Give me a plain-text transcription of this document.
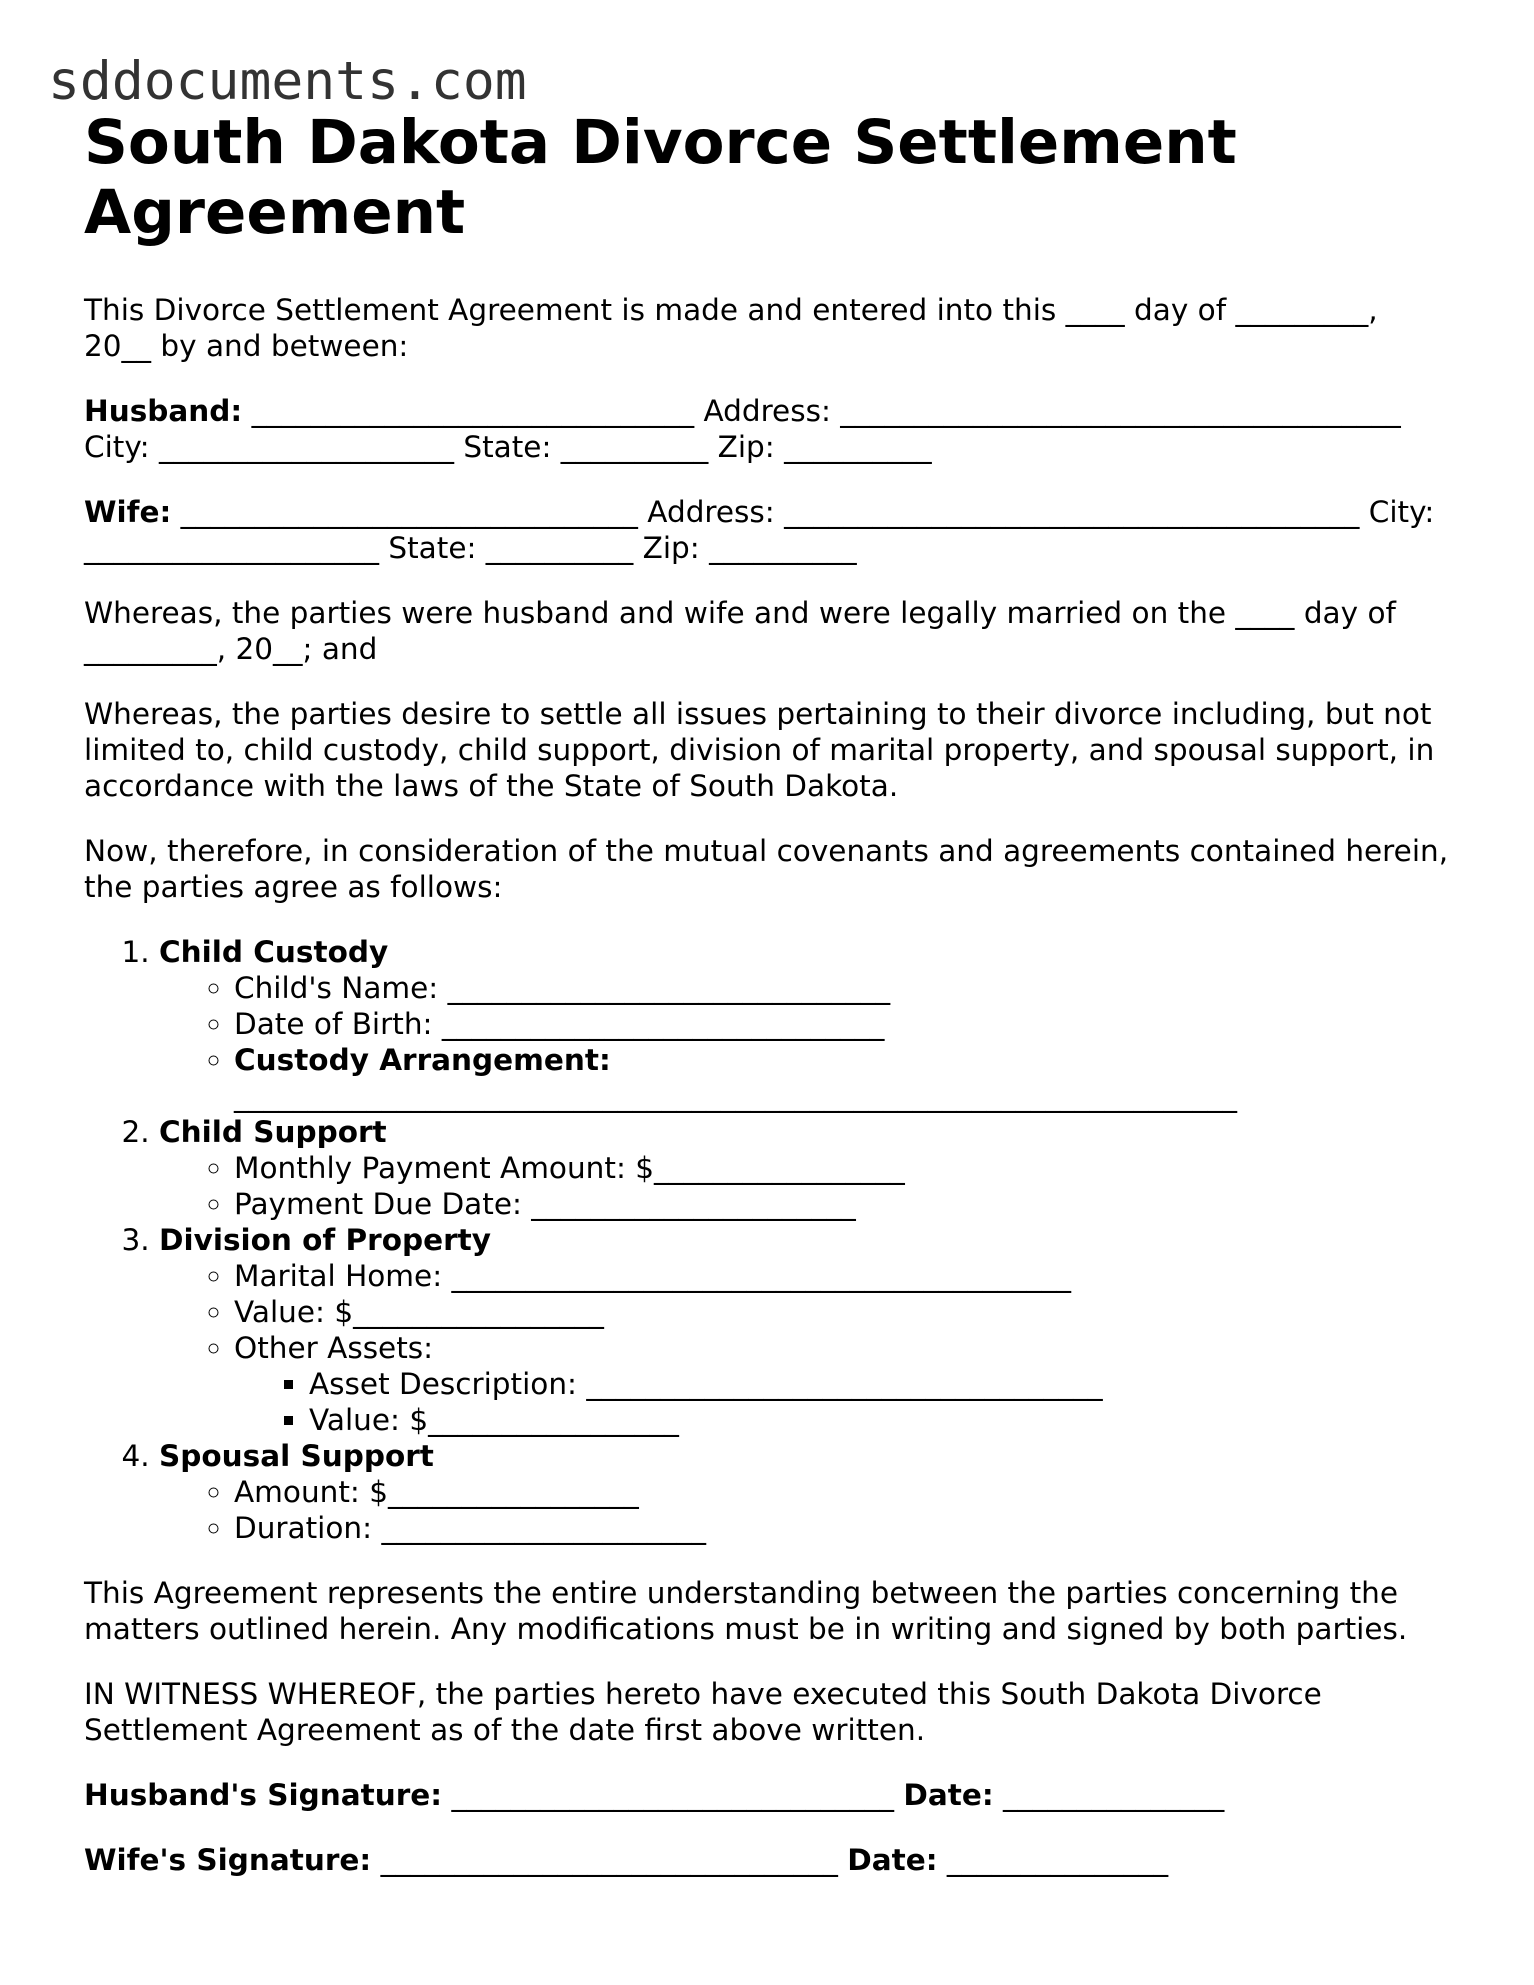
sddocuments.com
South Dakota Divorce Settlement Agreement

This Divorce Settlement Agreement is made and entered into this ____ day of _________, 20__ by and between:

Husband: ______________________________ Address: ______________________________________ City: ____________________ State: __________ Zip: __________

Wife: _______________________________ Address: _______________________________________ City: ____________________ State: __________ Zip: __________

Whereas, the parties were husband and wife and were legally married on the ____ day of _________, 20__; and

Whereas, the parties desire to settle all issues pertaining to their divorce including, but not limited to, child custody, child support, division of marital property, and spousal support, in accordance with the laws of the State of South Dakota.

Now, therefore, in consideration of the mutual covenants and agreements contained herein, the parties agree as follows:

1. Child Custody
◦ Child's Name: ______________________________
◦ Date of Birth: ______________________________
◦ Custody Arrangement: ____________________________________________________________________
2. Child Support
◦ Monthly Payment Amount: $_________________
◦ Payment Due Date: ______________________
3. Division of Property
◦ Marital Home: __________________________________________
◦ Value: $_________________
◦ Other Assets:
▪ Asset Description: ___________________________________
▪ Value: $_________________
4. Spousal Support
◦ Amount: $_________________
◦ Duration: ______________________

This Agreement represents the entire understanding between the parties concerning the matters outlined herein. Any modifications must be in writing and signed by both parties.

IN WITNESS WHEREOF, the parties hereto have executed this South Dakota Divorce Settlement Agreement as of the date first above written.

Husband's Signature: ______________________________ Date: _______________
Wife's Signature: _______________________________ Date: _______________
